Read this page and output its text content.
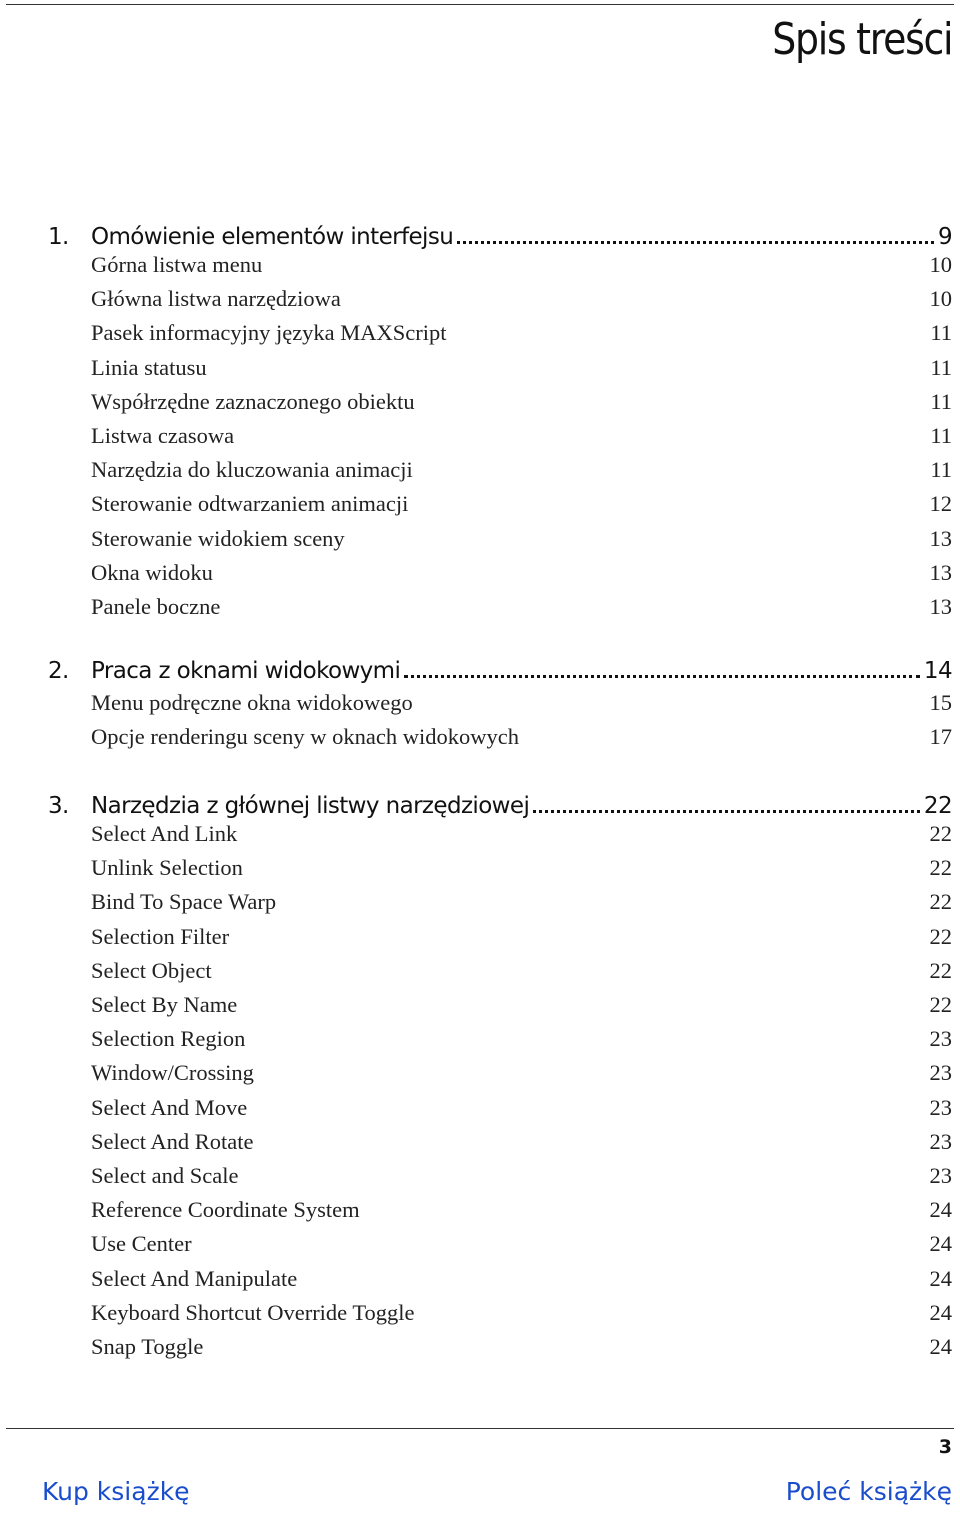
Spis treści
1. Omówienie elementów interfejsu	9
Górna listwa menu	10
Główna listwa narzędziowa	10
Pasek informacyjny języka MAXScript	11
Linia statusu	11
Współrzędne zaznaczonego obiektu	11
Listwa czasowa	11
Narzędzia do kluczowania animacji	11
Sterowanie odtwarzaniem animacji	12
Sterowanie widokiem sceny	13
Okna widoku	13
Panele boczne	13
2. Praca z oknami widokowymi	14
Menu podręczne okna widokowego	15
Opcje renderingu sceny w oknach widokowych	17
3. Narzędzia z głównej listwy narzędziowej	22
Select And Link	22
Unlink Selection	22
Bind To Space Warp	22
Selection Filter	22
Select Object	22
Select By Name	22
Selection Region	23
Window/Crossing	23
Select And Move	23
Select And Rotate	23
Select and Scale	23
Reference Coordinate System	24
Use Center	24
Select And Manipulate	24
Keyboard Shortcut Override Toggle	24
Snap Toggle	24
3
Kup książkę	Poleć książkę
